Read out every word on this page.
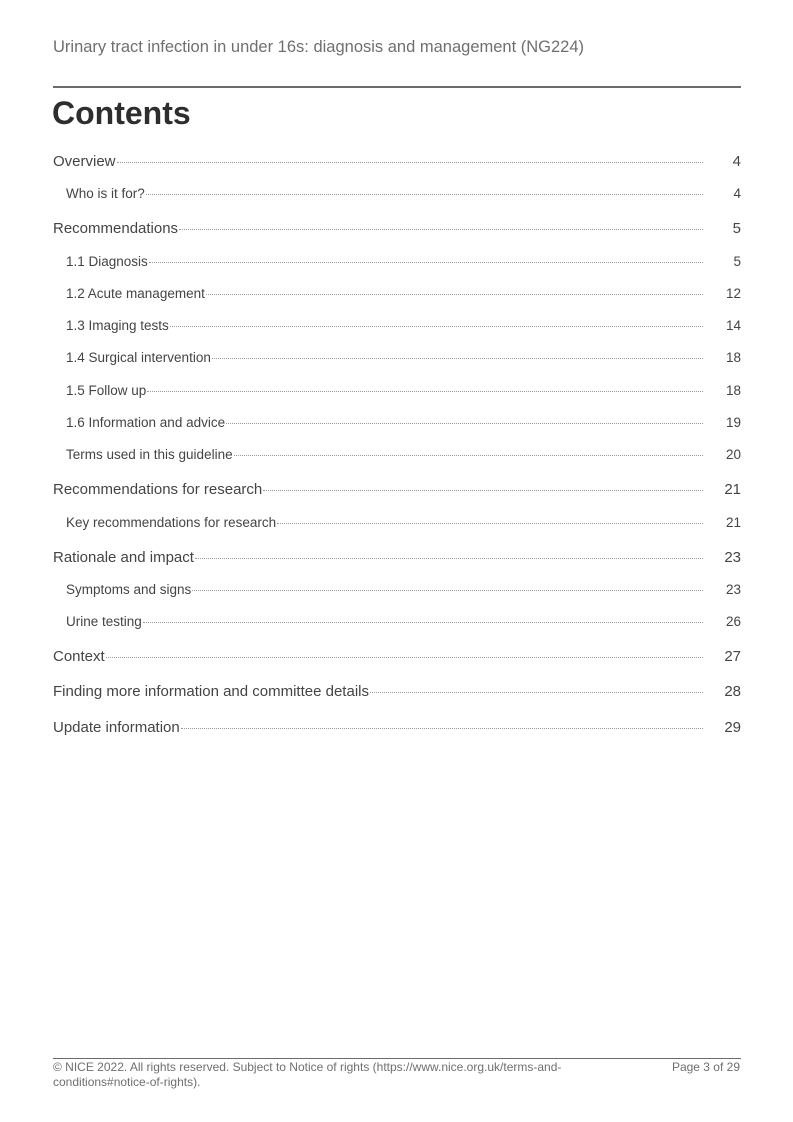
Urinary tract infection in under 16s: diagnosis and management (NG224)
Contents
Overview	4
Who is it for?	4
Recommendations	5
1.1 Diagnosis	5
1.2 Acute management	12
1.3 Imaging tests	14
1.4 Surgical intervention	18
1.5 Follow up	18
1.6 Information and advice	19
Terms used in this guideline	20
Recommendations for research	21
Key recommendations for research	21
Rationale and impact	23
Symptoms and signs	23
Urine testing	26
Context	27
Finding more information and committee details	28
Update information	29
© NICE 2022. All rights reserved. Subject to Notice of rights (https://www.nice.org.uk/terms-and-conditions#notice-of-rights).
Page 3 of 29
